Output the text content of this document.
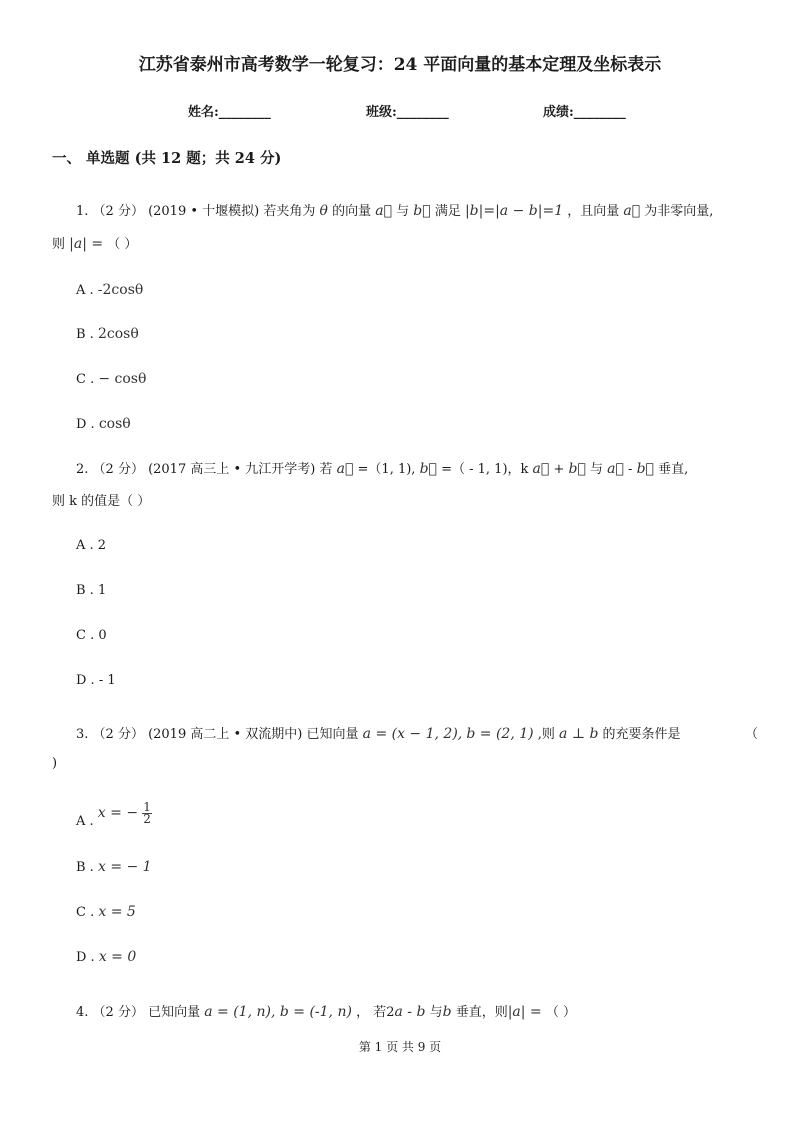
江苏省泰州市高考数学一轮复习：24 平面向量的基本定理及坐标表示
姓名:________	班级:________	成绩:________
一、 单选题 (共 12 题；共 24 分)
1. （2 分） (2019 • 十堰模拟) 若夹角为 θ 的向量 a⃗ 与 b⃗ 满足 |b|=|a − b|=1 ，且向量 a⃗ 为非零向量,
则 |a| = （ ）
A . -2cosθ
B . 2cosθ
C . − cosθ
D . cosθ
2. （2 分） (2017 高三上 • 九江开学考) 若 a⃗ =（1, 1), b⃗ =（ - 1, 1)，k a⃗ + b⃗ 与 a⃗ - b⃗ 垂直,
则 k 的值是（ ）
A . 2
B . 1
C . 0
D . - 1
3. （2 分） (2019 高二上 • 双流期中) 已知向量 a = (x − 1, 2), b = (2, 1) ,则 a ⊥ b 的充要条件是	（
)
A . x = − $\frac{1}{2}$
B . x = − 1
C . x = 5
D . x = 0
4. （2 分） 已知向量 a = (1, n), b = (-1, n) ， 若2a - b 与b 垂直，则|a| = （ ）
第 1 页 共 9 页
